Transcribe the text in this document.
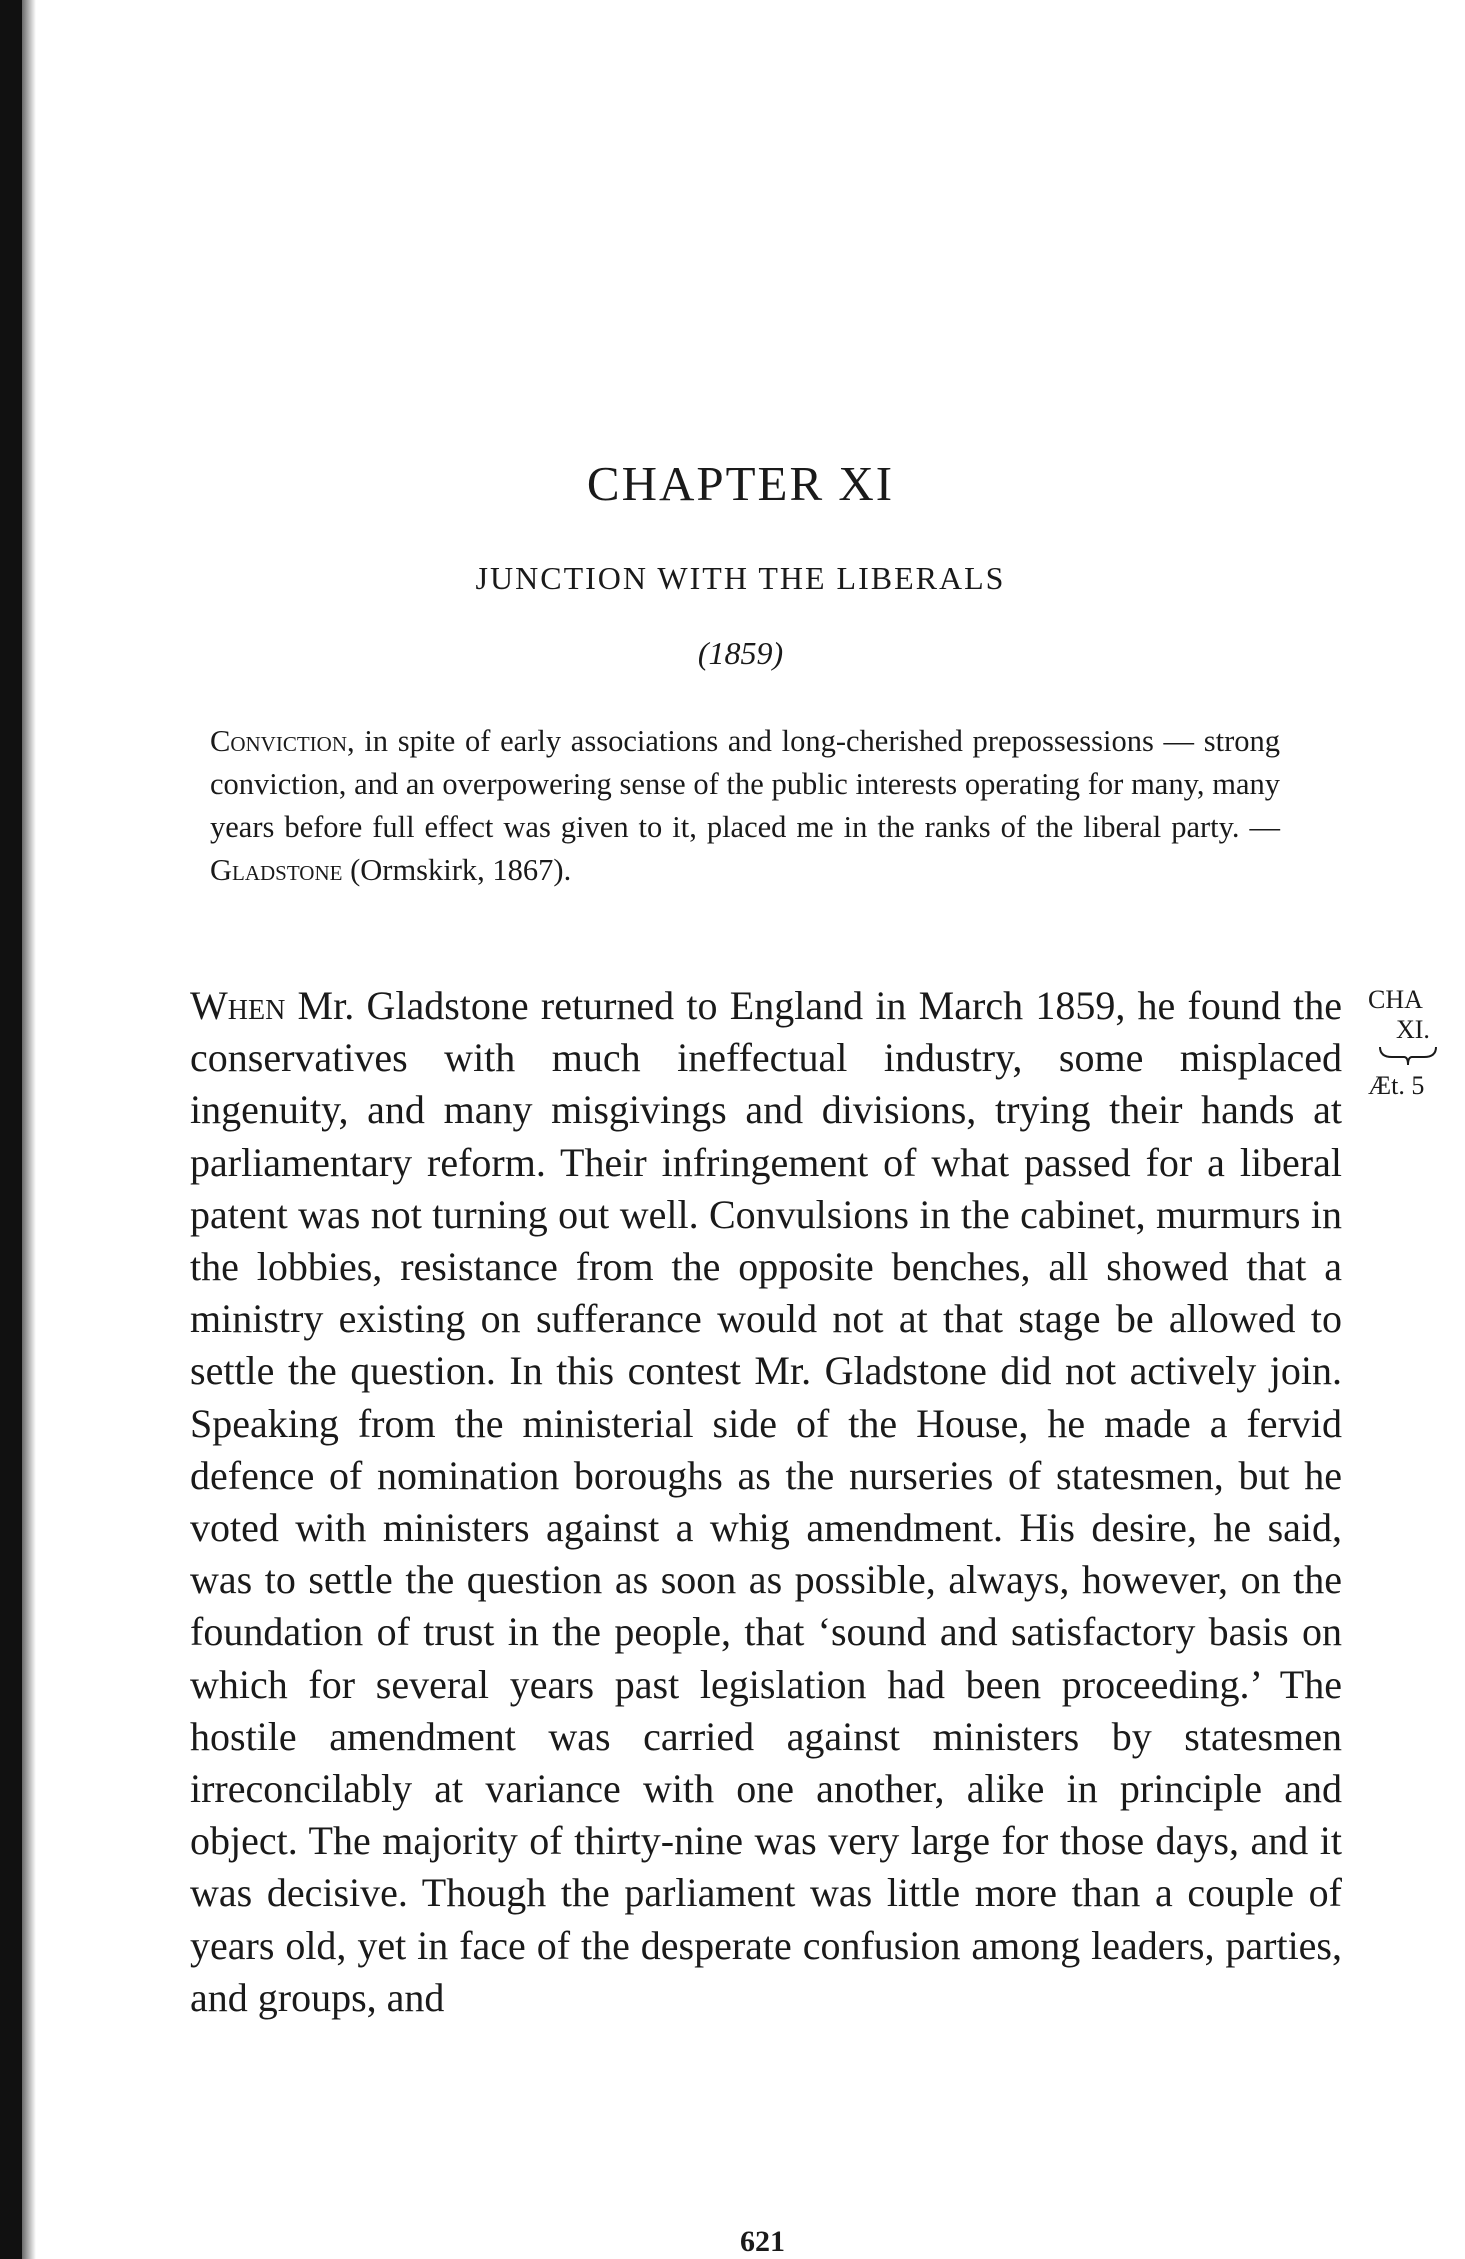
CHAPTER XI
JUNCTION WITH THE LIBERALS

(1859)

Conviction, in spite of early associations and long-cherished prepossessions — strong conviction, and an overpowering sense of the public interests operating for many, many years before full effect was given to it, placed me in the ranks of the liberal party. — Gladstone (Ormskirk, 1867).

When Mr. Gladstone returned to England in March 1859, he found the conservatives with much ineffectual industry, some misplaced ingenuity, and many misgivings and divisions, trying their hands at parliamentary reform. Their infringement of what passed for a liberal patent was not turning out well. Convulsions in the cabinet, murmurs in the lobbies, resistance from the opposite benches, all showed that a ministry existing on sufferance would not at that stage be allowed to settle the question. In this contest Mr. Gladstone did not actively join. Speaking from the ministerial side of the House, he made a fervid defence of nomination boroughs as the nurseries of statesmen, but he voted with ministers against a whig amendment. His desire, he said, was to settle the question as soon as possible, always, however, on the foundation of trust in the people, that ‘sound and satisfactory basis on which for several years past legislation had been proceeding.’ The hostile amendment was carried against ministers by statesmen irreconcilably at variance with one another, alike in principle and object. The majority of thirty-nine was very large for those days, and it was decisive. Though the parliament was little more than a couple of years old, yet in face of the desperate confusion among leaders, parties, and groups, and

CHA
XI.
Æt. 5

621
